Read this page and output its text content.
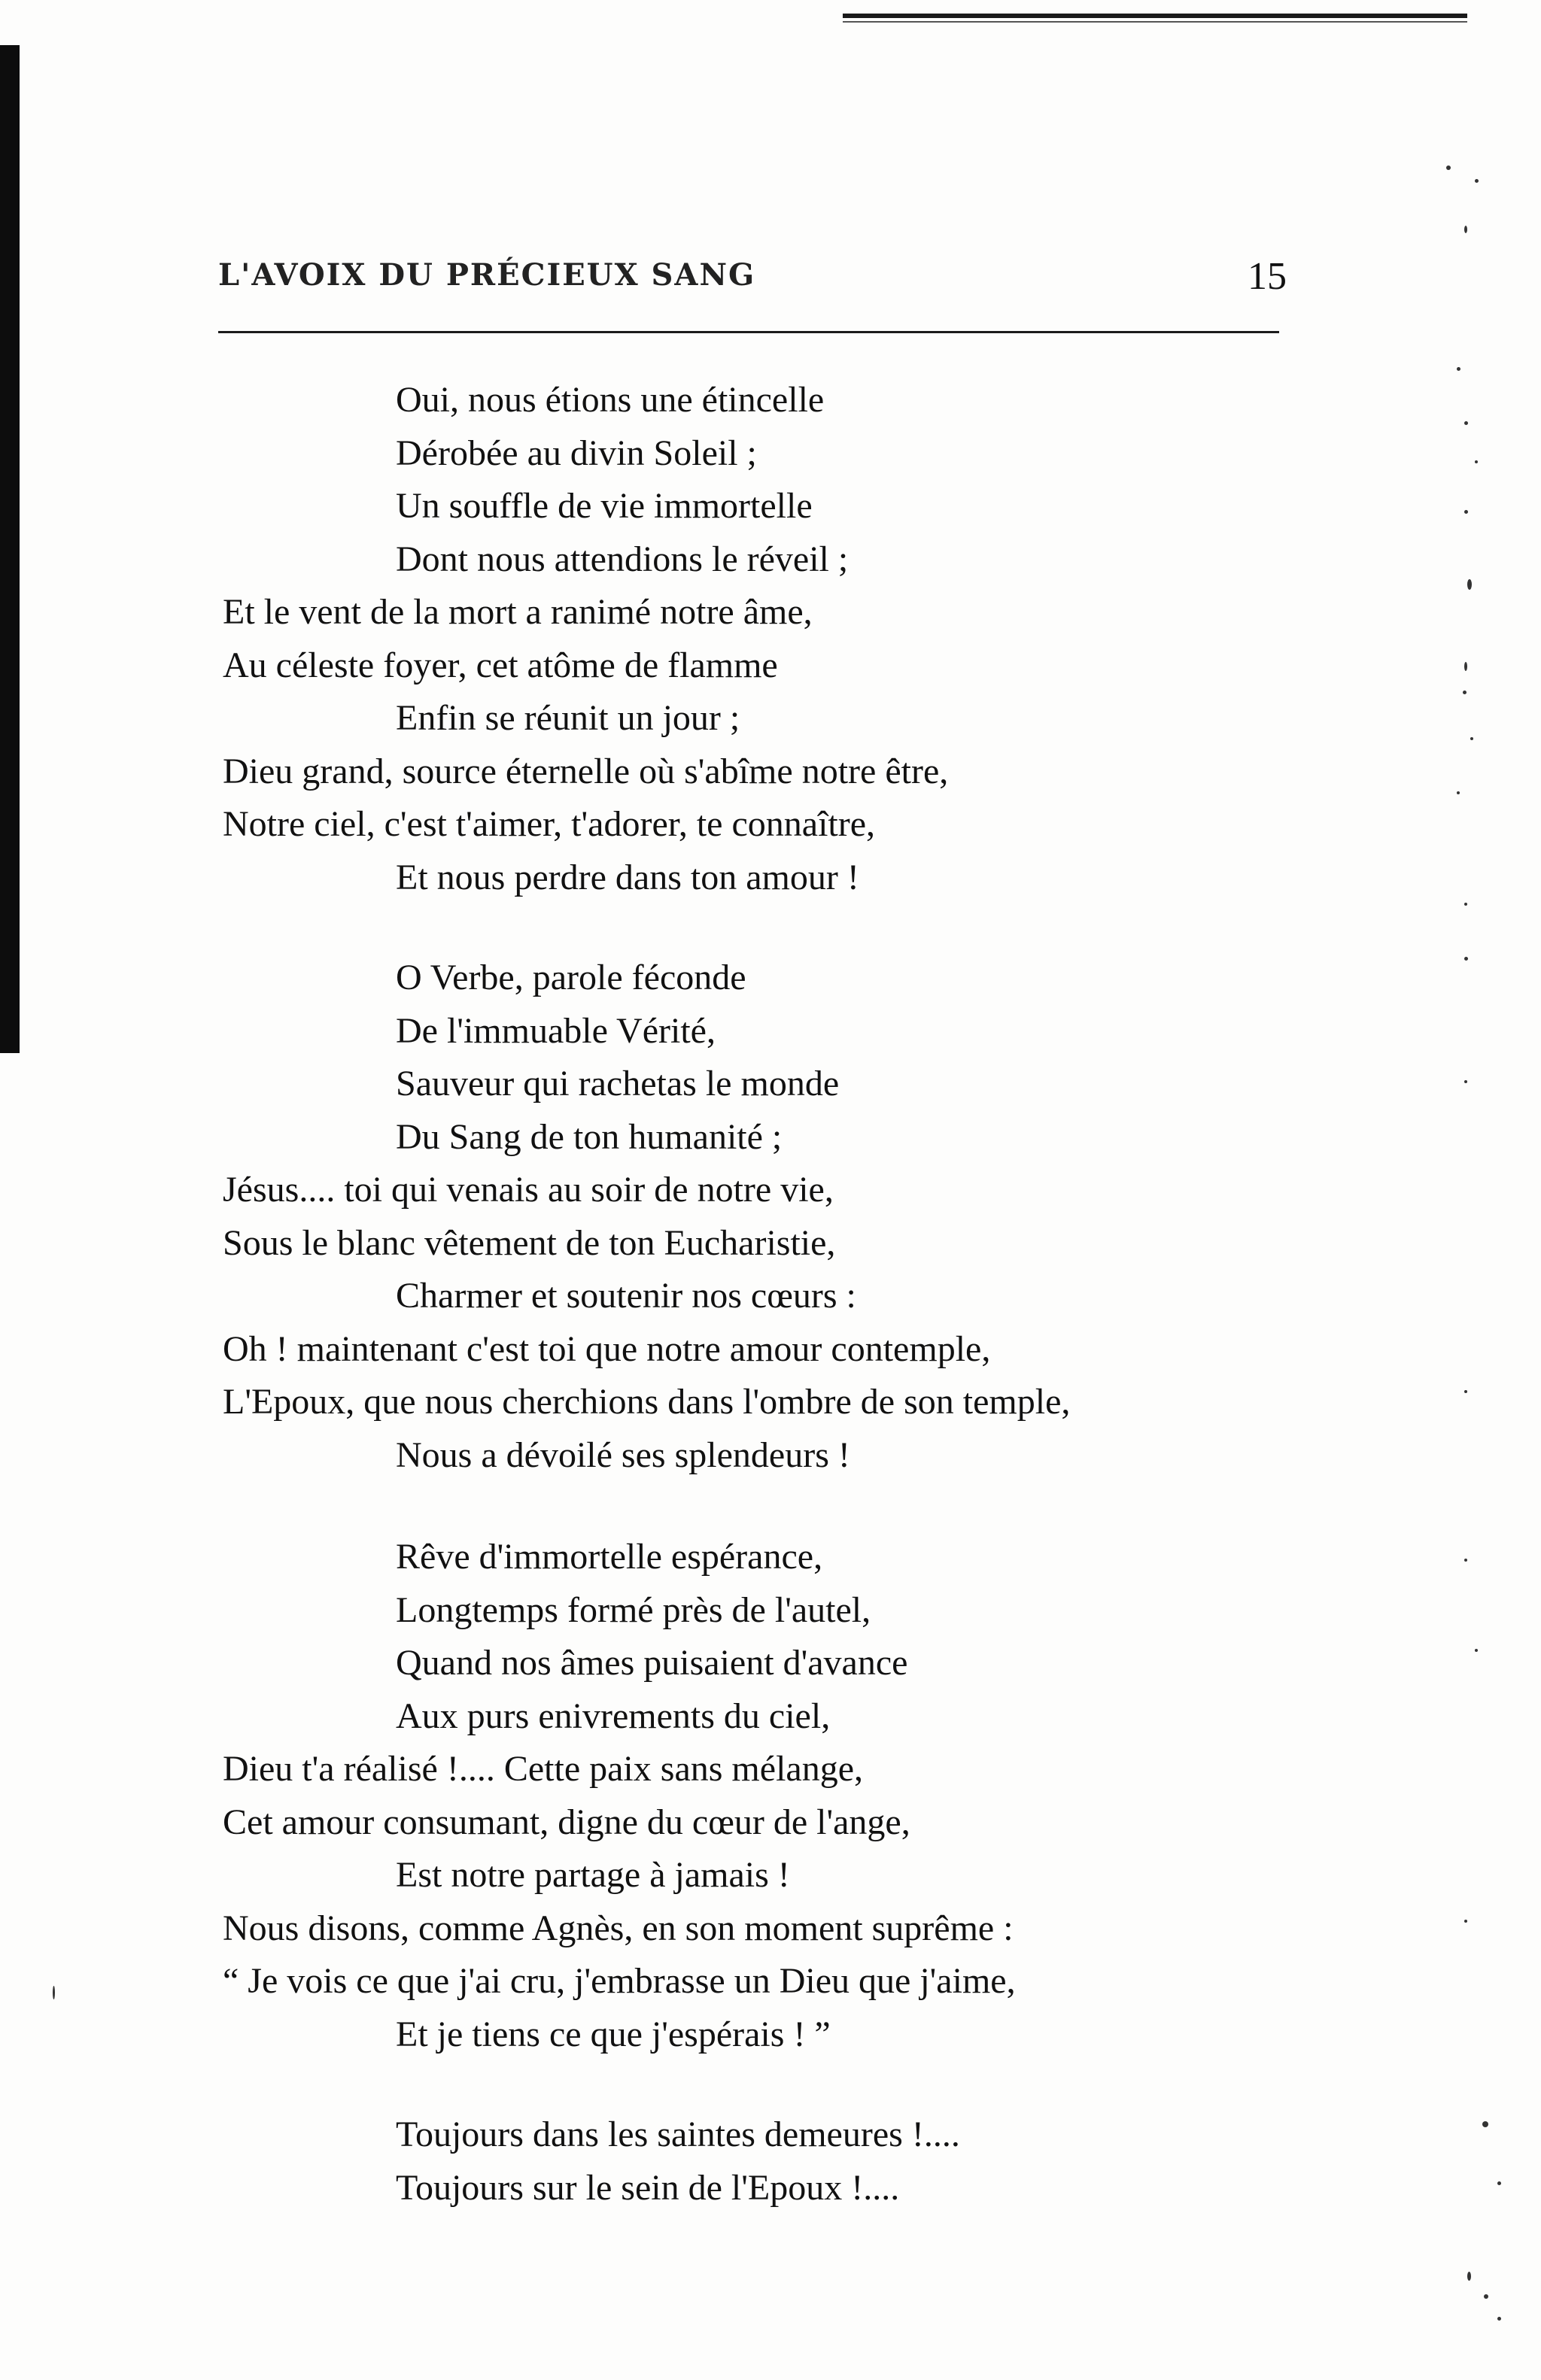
L'AVOIX DU PRÉCIEUX SANG	15
Oui, nous étions une étincelle
Dérobée au divin Soleil ;
Un souffle de vie immortelle
Dont nous attendions le réveil ;
Et le vent de la mort a ranimé notre âme,
Au céleste foyer, cet atôme de flamme
Enfin se réunit un jour ;
Dieu grand, source éternelle où s'abîme notre être,
Notre ciel, c'est t'aimer, t'adorer, te connaître,
Et nous perdre dans ton amour !
O Verbe, parole féconde
De l'immuable Vérité,
Sauveur qui rachetas le monde
Du Sang de ton humanité ;
Jésus.... toi qui venais au soir de notre vie,
Sous le blanc vêtement de ton Eucharistie,
Charmer et soutenir nos cœurs :
Oh ! maintenant c'est toi que notre amour contemple,
L'Epoux, que nous cherchions dans l'ombre de son temple,
Nous a dévoilé ses splendeurs !
Rêve d'immortelle espérance,
Longtemps formé près de l'autel,
Quand nos âmes puisaient d'avance
Aux purs enivrements du ciel,
Dieu t'a réalisé !.... Cette paix sans mélange,
Cet amour consumant, digne du cœur de l'ange,
Est notre partage à jamais !
Nous disons, comme Agnès, en son moment suprême :
“ Je vois ce que j'ai cru, j'embrasse un Dieu que j'aime,
Et je tiens ce que j'espérais ! ”
Toujours dans les saintes demeures !....
Toujours sur le sein de l'Epoux !....
